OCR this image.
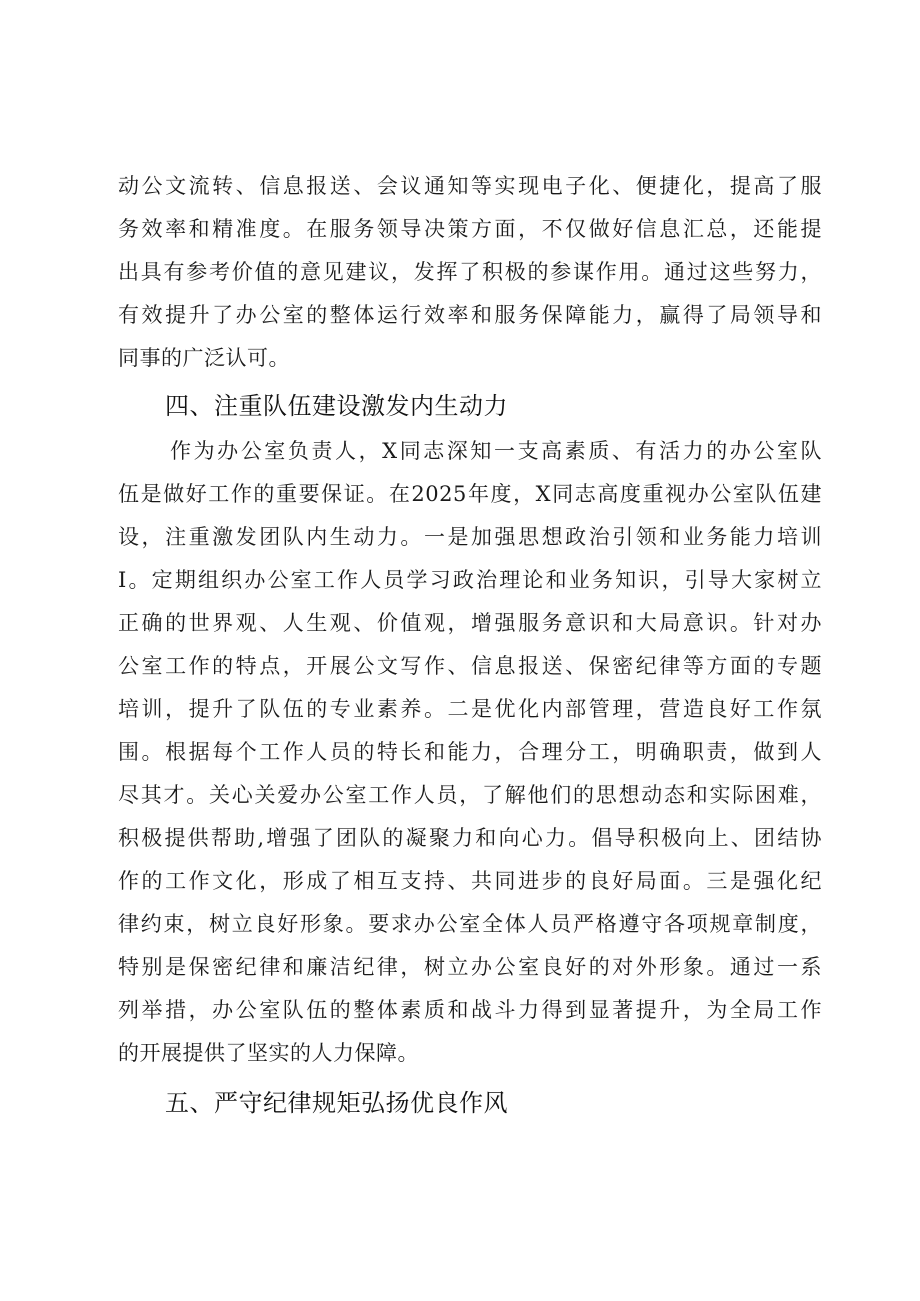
动公文流转、信息报送、会议通知等实现电子化、便捷化，提高了服
务效率和精准度。在服务领导决策方面，不仅做好信息汇总，还能提
出具有参考价值的意见建议，发挥了积极的参谋作用。通过这些努力，
有效提升了办公室的整体运行效率和服务保障能力，赢得了局领导和
同事的广泛认可。
四、注重队伍建设激发内生动力
作为办公室负责人，X同志深知一支高素质、有活力的办公室队
伍是做好工作的重要保证。在2025年度，X同志高度重视办公室队伍建
设，注重激发团队内生动力。一是加强思想政治引领和业务能力培训
I。定期组织办公室工作人员学习政治理论和业务知识，引导大家树立
正确的世界观、人生观、价值观，增强服务意识和大局意识。针对办
公室工作的特点，开展公文写作、信息报送、保密纪律等方面的专题
培训，提升了队伍的专业素养。二是优化内部管理，营造良好工作氛
围。根据每个工作人员的特长和能力，合理分工，明确职责，做到人
尽其才。关心关爱办公室工作人员，了解他们的思想动态和实际困难，
积极提供帮助,增强了团队的凝聚力和向心力。倡导积极向上、团结协
作的工作文化，形成了相互支持、共同进步的良好局面。三是强化纪
律约束，树立良好形象。要求办公室全体人员严格遵守各项规章制度，
特别是保密纪律和廉洁纪律，树立办公室良好的对外形象。通过一系
列举措，办公室队伍的整体素质和战斗力得到显著提升，为全局工作
的开展提供了坚实的人力保障。
五、严守纪律规矩弘扬优良作风
